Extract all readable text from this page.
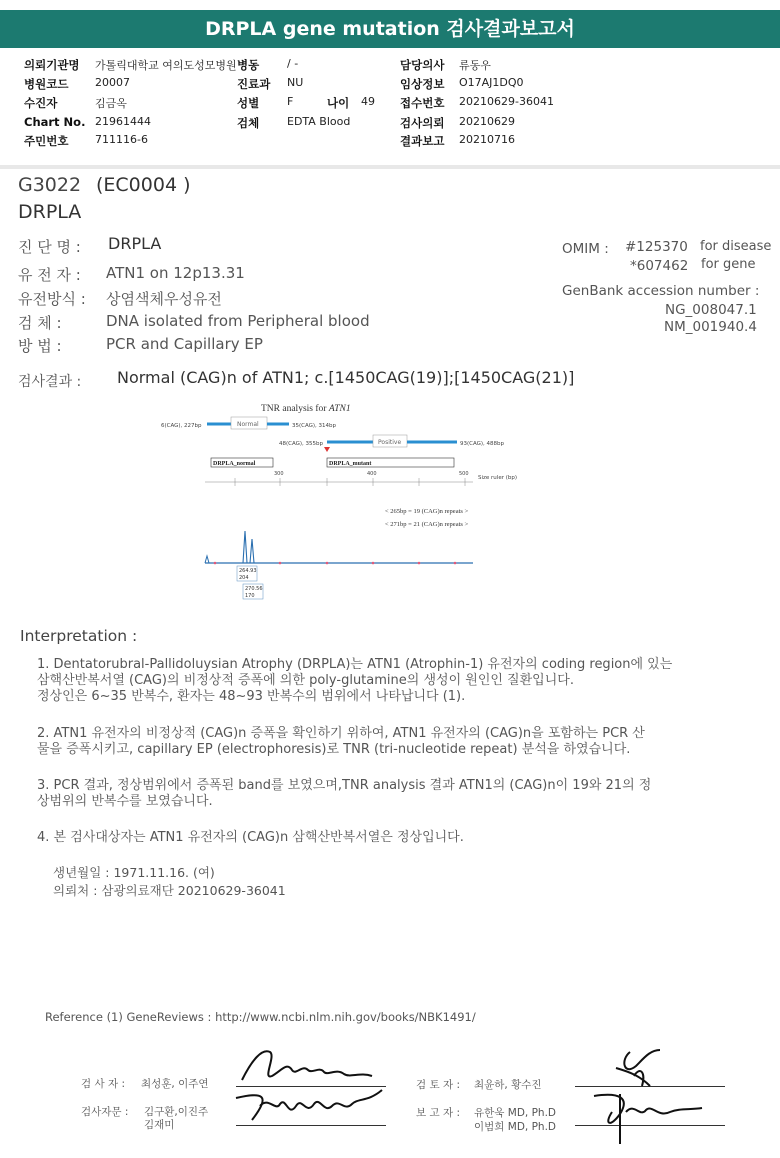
DRPLA gene mutation 검사결과보고서
의뢰기관명 가톨릭대학교 여의도성모병원
병원코드 20007
수진자	김금옥
Chart No. 21961444
주민번호 711116-6
병동	/ -
진료과 NU
성별	F	나이 49
검체	EDTA Blood
담당의사 류동우
임상정보 O17AJ1DQ0
접수번호 20210629-36041
검사의뢰 20210629
결과보고 20210716
G3022 (EC0004 )
DRPLA
진 단 명 : DRPLA
유 전 자 : ATN1 on 12p13.31
유전방식 : 상염색체우성유전
검 체 :	DNA isolated from Peripheral blood
방 법 :	PCR and Capillary EP
OMIM : #125370 for disease
*607462 for gene
GenBank accession number :
NG_008047.1
NM_001940.4
검사결과 : Normal (CAG)n of ATN1; c.[1450CAG(19)];[1450CAG(21)]
TNR analysis for ATN1
6(CAG), 227bp	Normal	35(CAG), 314bp
48(CAG), 355bp	Positive	93(CAG), 488bp
DRPLA_normal	DRPLA_mutant
300	400	500
Size ruler (bp)
< 265bp = 19 (CAG)n repeats >
< 271bp = 21 (CAG)n repeats >
264.93
204
270.56
170
Interpretation :
1. Dentatorubral-Pallidoluysian Atrophy (DRPLA)는 ATN1 (Atrophin-1) 유전자의 coding region에 있는
삼핵산반복서열 (CAG)의 비정상적 증폭에 의한 poly-glutamine의 생성이 원인인 질환입니다.
정상인은 6~35 반복수, 환자는 48~93 반복수의 범위에서 나타납니다 (1).
2. ATN1 유전자의 비정상적 (CAG)n 증폭을 확인하기 위하여, ATN1 유전자의 (CAG)n을 포함하는 PCR 산
물을 증폭시키고, capillary EP (electrophoresis)로 TNR (tri-nucleotide repeat) 분석을 하였습니다.
3. PCR 결과, 정상범위에서 증폭된 band를 보였으며,TNR analysis 결과 ATN1의 (CAG)n이 19와 21의 정
상범위의 반복수를 보였습니다.
4. 본 검사대상자는 ATN1 유전자의 (CAG)n 삼핵산반복서열은 정상입니다.
생년월일 : 1971.11.16. (여)
의뢰처 : 삼광의료재단 20210629-36041
Reference (1) GeneReviews : http://www.ncbi.nlm.nih.gov/books/NBK1491/
검 사 자 : 최성훈, 이주연
검사자문 : 김구환,이진주
김재미
검 토 자 : 최윤하, 황수진
보 고 자 : 유한욱 MD, Ph.D
이범희 MD, Ph.D
